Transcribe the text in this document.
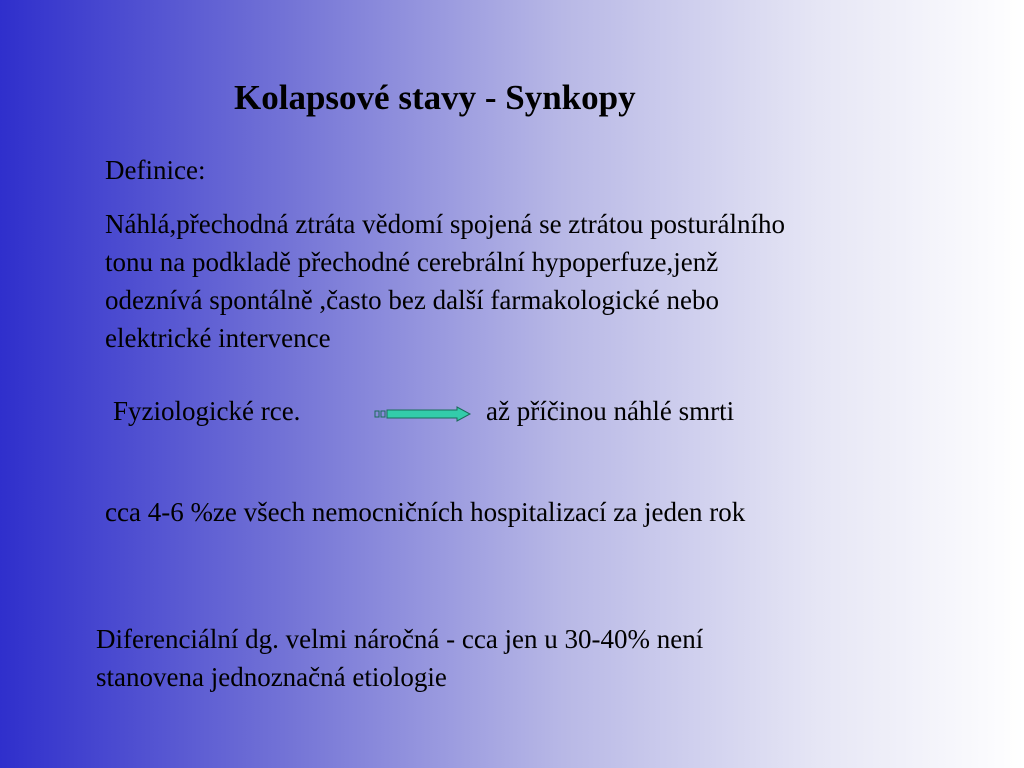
Kolapsové stavy - Synkopy
Definice:
Náhlá,přechodná ztráta vědomí spojená se ztrátou posturálního
tonu na podkladě přechodné cerebrální hypoperfuze,jenž
odeznívá spontálně ,často bez další farmakologické nebo
elektrické intervence
Fyziologické rce.	až příčinou náhlé smrti
cca 4-6 %ze všech nemocničních hospitalizací za jeden rok
Diferenciální dg. velmi náročná - cca jen u 30-40% není
stanovena jednoznačná etiologie
